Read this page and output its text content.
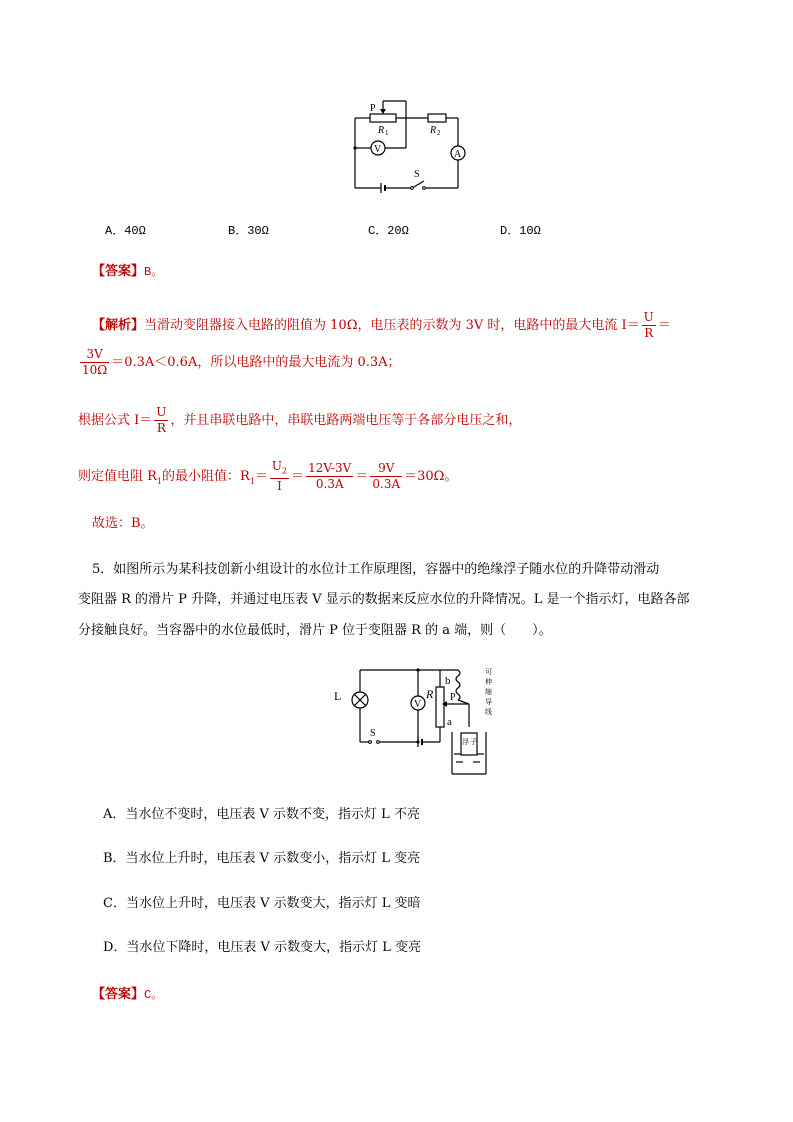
P
R 1	R 2
V	A
S
A．40Ω	B．30Ω	C．20Ω	D．10Ω
【答案】B。
【解析】当滑动变阻器接入电路的阻值为 10Ω，电压表的示数为 3V 时，电路中的最大电流 $I= \frac{U}{R}$ ＝
$\frac{3V}{10\Omega} =0.3A<0.6A$，所以电路中的最大电流为 0.3A；
根据公式 $I= \frac{U}{R}$ ，并且串联电路中，串联电路两端电压等于各部分电压之和，
则定值电阻 $R_1$的最小阻值：$R_1= \frac{U_2}{I} = \frac{12V-3V}{0.3A} = \frac{9V}{0.3A} =30\Omega$。
故选：B。
5．如图所示为某科技创新小组设计的水位计工作原理图，容器中的绝缘浮子随水位的升降带动滑动
变阻器 R 的滑片 P 升降，并通过电压表 V 显示的数据来反应水位的升降情况。L 是一个指示灯，电路各部
分接触良好。当容器中的水位最低时，滑片 P 位于变阻器 R 的 a 端，则（　　）。
L
V
R
b
P
a
S
可
伸
缩
导
线
浮 子
A．当水位不变时，电压表 V 示数不变，指示灯 L 不亮
B．当水位上升时，电压表 V 示数变小，指示灯 L 变亮
C．当水位上升时，电压表 V 示数变大，指示灯 L 变暗
D．当水位下降时，电压表 V 示数变大，指示灯 L 变亮
【答案】C。
